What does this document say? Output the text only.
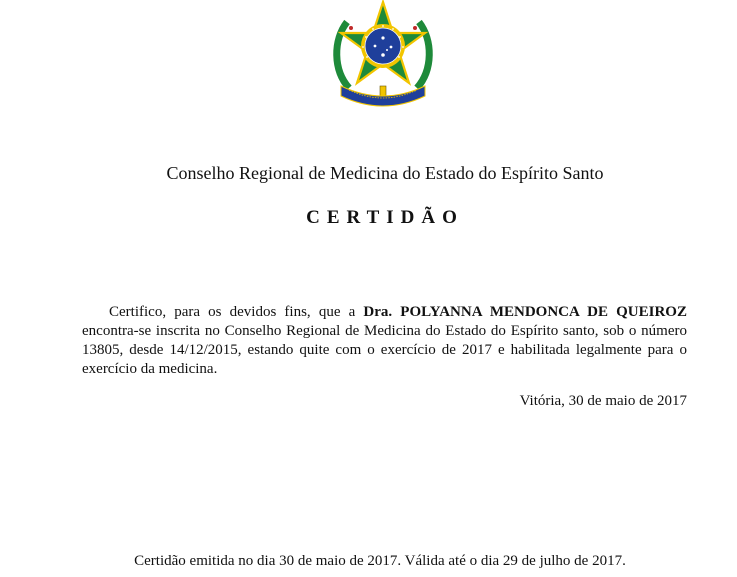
Conselho Regional de Medicina do Estado do Espírito Santo
CERTIDÃO

Certifico, para os devidos fins, que a Dra. POLYANNA MENDONCA DE QUEIROZ encontra-se inscrita no Conselho Regional de Medicina do Estado do Espírito santo, sob o número 13805, desde 14/12/2015, estando quite com o exercício de 2017 e habilitada legalmente para o exercício da medicina.

Vitória, 30 de maio de 2017
Certidão emitida no dia 30 de maio de 2017. Válida até o dia 29 de julho de 2017.
